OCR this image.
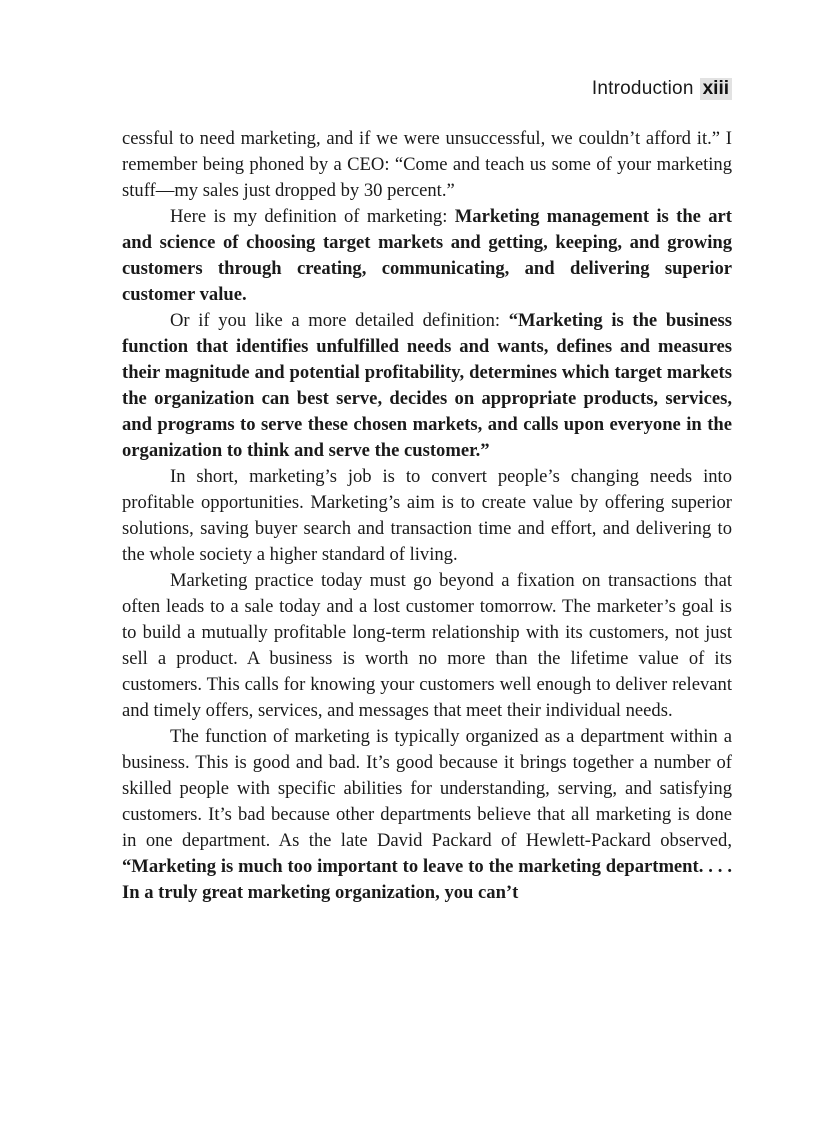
Introduction xiii

cessful to need marketing, and if we were unsuccessful, we couldn’t afford it.” I remember being phoned by a CEO: “Come and teach us some of your marketing stuff—my sales just dropped by 30 percent.”

Here is my definition of marketing: Marketing management is the art and science of choosing target markets and getting, keeping, and growing customers through creating, communicating, and delivering superior customer value.

Or if you like a more detailed definition: “Marketing is the business function that identifies unfulfilled needs and wants, defines and measures their magnitude and potential profitability, determines which target markets the organization can best serve, decides on appropriate products, services, and programs to serve these chosen markets, and calls upon everyone in the organization to think and serve the customer.”

In short, marketing’s job is to convert people’s changing needs into profitable opportunities. Marketing’s aim is to create value by offering superior solutions, saving buyer search and transaction time and effort, and delivering to the whole society a higher standard of living.

Marketing practice today must go beyond a fixation on transactions that often leads to a sale today and a lost customer tomorrow. The marketer’s goal is to build a mutually profitable long-term relationship with its customers, not just sell a product. A business is worth no more than the lifetime value of its customers. This calls for knowing your customers well enough to deliver relevant and timely offers, services, and messages that meet their individual needs.

The function of marketing is typically organized as a department within a business. This is good and bad. It’s good because it brings together a number of skilled people with specific abilities for understanding, serving, and satisfying customers. It’s bad because other departments believe that all marketing is done in one department. As the late David Packard of Hewlett-Packard observed, “Marketing is much too important to leave to the marketing department. . . . In a truly great marketing organization, you can’t
